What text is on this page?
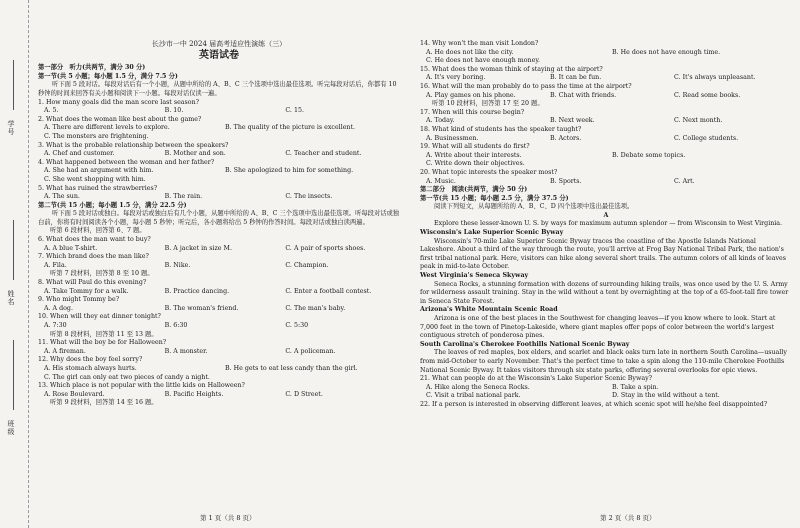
学号
姓名
班级
长沙市一中 2024 届高考适应性演练（三）
英语试卷
第一部分　听力(共两节，满分 30 分)
第一节(共 5 小题；每小题 1.5 分，满分 7.5 分)
听下面 5 段对话。每段对话后有一个小题，从题中所给的 A、B、C 三个选项中选出最佳选项。听完每段对话后，你都有 10 秒钟的时间来回答有关小题和阅读下一小题。每段对话仅读一遍。
1. How many goals did the man score last season?
A. 5.	B. 10.	C. 15.
2. What does the woman like best about the game?
A. There are different levels to explore.	B. The quality of the picture is excellent.
C. The monsters are frightening.
3. What is the probable relationship between the speakers?
A. Chef and customer.	B. Mother and son.	C. Teacher and student.
4. What happened between the woman and her father?
A. She had an argument with him.	B. She apologized to him for something.
C. She went shopping with him.
5. What has ruined the strawberries?
A. The sun.	B. The rain.	C. The insects.
第二节(共 15 小题；每小题 1.5 分，满分 22.5 分)
听下面 5 段对话或独白。每段对话或独白后有几个小题，从题中所给的 A、B、C 三个选项中选出最佳选项。听每段对话或独白前，你将有时间阅读各个小题，每小题 5 秒钟；听完后，各小题将给出 5 秒钟的作答时间。每段对话或独白读两遍。
听第 6 段材料，回答第 6、7 题。
6. What does the man want to buy?
A. A blue T-shirt.	B. A jacket in size M.	C. A pair of sports shoes.
7. Which brand does the man like?
A. Fila.	B. Nike.	C. Champion.
听第 7 段材料，回答第 8 至 10 题。
8. What will Paul do this evening?
A. Take Tommy for a walk.	B. Practice dancing.	C. Enter a football contest.
9. Who might Tommy be?
A. A dog.	B. The woman's friend.	C. The man's baby.
10. When will they eat dinner tonight?
A. 7:30	B. 6:30	C. 5:30
听第 8 段材料，回答第 11 至 13 题。
11. What will the boy be for Halloween?
A. A fireman.	B. A monster.	C. A policeman.
12. Why does the boy feel sorry?
A. His stomach always hurts.	B. He gets to eat less candy than the girl.
C. The girl can only eat two pieces of candy a night.
13. Which place is not popular with the little kids on Halloween?
A. Rose Boulevard.	B. Pacific Heights.	C. D Street.
听第 9 段材料，回答第 14 至 16 题。
14. Why won't the man visit London?
A. He does not like the city.	B. He does not have enough time.
C. He does not have enough money.
15. What does the woman think of staying at the airport?
A. It's very boring.	B. It can be fun.	C. It's always unpleasant.
16. What will the man probably do to pass the time at the airport?
A. Play games on his phone.	B. Chat with friends.	C. Read some books.
听第 10 段材料，回答第 17 至 20 题。
17. When will this course begin?
A. Today.	B. Next week.	C. Next month.
18. What kind of students has the speaker taught?
A. Businessmen.	B. Actors.	C. College students.
19. What will all students do first?
A. Write about their interests.	B. Debate some topics.
C. Write down their objectives.
20. What topic interests the speaker most?
A. Music.	B. Sports.	C. Art.
第二部分　阅读(共两节，满分 50 分)
第一节(共 15 小题；每小题 2.5 分，满分 37.5 分)
阅读下列短文，从每题所给的 A、B、C、D 四个选项中选出最佳选项。
A
Explore these lesser-known U. S. by ways for maximum autumn splendor — from Wisconsin to West Virginia.
Wisconsin's Lake Superior Scenic Byway
Wisconsin's 70-mile Lake Superior Scenic Byway traces the coastline of the Apostle Islands National Lakeshore. About a third of the way through the route, you'll arrive at Frog Bay National Tribal Park, the nation's first tribal national park. Here, visitors can hike along several short trails. The autumn colors of all kinds of leaves peak in mid-to-late October.
West Virginia's Seneca Skyway
Seneca Rocks, a stunning formation with dozens of surrounding hiking trails, was once used by the U. S. Army for wilderness assault training. Stay in the wild without a tent by overnighting at the top of a 65-foot-tall fire tower in Seneca State Forest.
Arizona's White Mountain Scenic Road
Arizona is one of the best places in the Southwest for changing leaves—if you know where to look. Start at 7,000 feet in the town of Pinetop-Lakeside, where giant maples offer pops of color between the world's largest contiguous stretch of ponderosa pines.
South Carolina's Cherokee Foothills National Scenic Byway
The leaves of red maples, box elders, and scarlet and black oaks turn late in northern South Carolina—usually from mid-October to early November. That's the perfect time to take a spin along the 110-mile Cherokee Foothills National Scenic Byway. It takes visitors through six state parks, offering several overlooks for epic views.
21. What can people do at the Wisconsin's Lake Superior Scenic Byway?
A. Hike along the Seneca Rocks.	B. Take a spin.
C. Visit a tribal national park.	D. Stay in the wild without a tent.
22. If a person is interested in observing different leaves, at which scenic spot will he/she feel disappointed?
第 1 页（共 8 页）	第 2 页（共 8 页）
